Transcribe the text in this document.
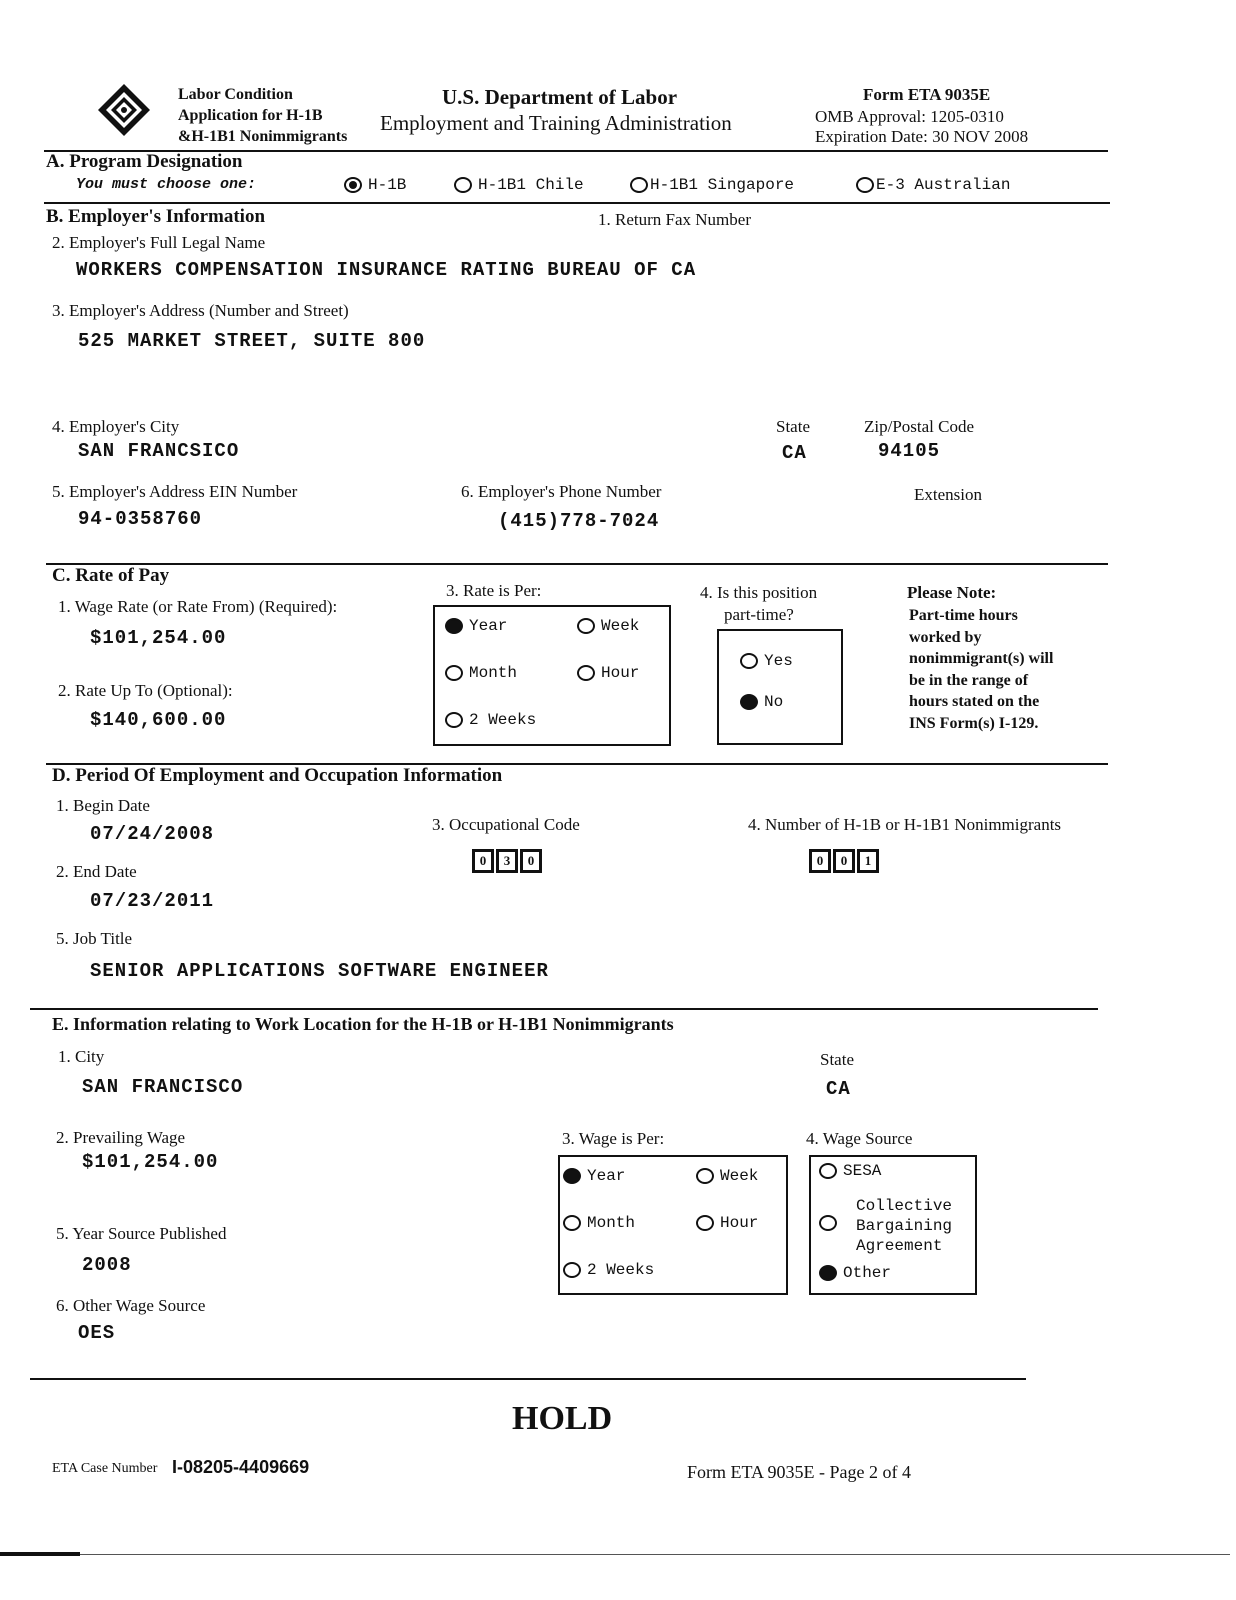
Labor Condition
Application for H-1B
&H-1B1 Nonimmigrants
U.S. Department of Labor
Employment and Training Administration
Form ETA 9035E
OMB Approval: 1205-0310
Expiration Date: 30 NOV 2008
A. Program Designation
You must choose one:	H-1B	H-1B1 Chile	H-1B1 Singapore	E-3 Australian
B. Employer's Information	1. Return Fax Number
2. Employer's Full Legal Name
WORKERS COMPENSATION INSURANCE RATING BUREAU OF CA
3. Employer's Address (Number and Street)
525 MARKET STREET, SUITE 800
4. Employer's City
SAN FRANCSICO
State
CA
Zip/Postal Code
94105
5. Employer's Address EIN Number
94-0358760
6. Employer's Phone Number
(415)778-7024
Extension
C. Rate of Pay
1. Wage Rate (or Rate From) (Required):
$101,254.00
2. Rate Up To (Optional):
$140,600.00
3. Rate is Per:
Year	Week
Month	Hour
2 Weeks
4. Is this position
part-time?
Yes
No
Please Note:
Part-time hours
worked by
nonimmigrant(s) will
be in the range of
hours stated on the
INS Form(s) I-129.
D. Period Of Employment and Occupation Information
1. Begin Date
07/24/2008
2. End Date
07/23/2011
3. Occupational Code
0 3 0
4. Number of H-1B or H-1B1 Nonimmigrants
0 0 1
5. Job Title
SENIOR APPLICATIONS SOFTWARE ENGINEER
E. Information relating to Work Location for the H-1B or H-1B1 Nonimmigrants
1. City
SAN FRANCISCO
State
CA
2. Prevailing Wage
$101,254.00
3. Wage is Per:
Year	Week
Month	Hour
2 Weeks
4. Wage Source
SESA
Collective
Bargaining
Agreement
Other
5. Year Source Published
2008
6. Other Wage Source
OES
HOLD
ETA Case Number I-08205-4409669	Form ETA 9035E - Page 2 of 4
